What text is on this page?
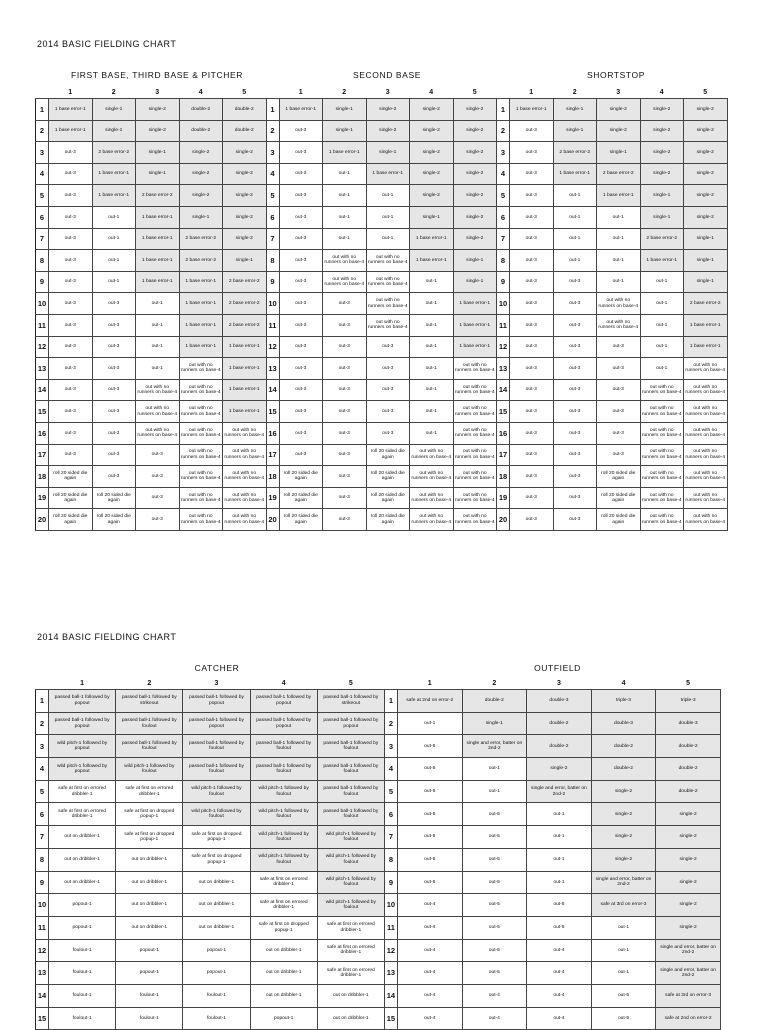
2014 BASIC FIELDING CHART
FIRST BASE, THIRD BASE & PITCHER	SECOND BASE	SHORTSTOP
	1	2	3	4	5		1	2	3	4	5		1	2	3	4	5
1	1 base error-1	single-1	single-2	double-2	double-2	1	1 base error-1	single-1	single-2	single-2	single-2	1	1 base error-1	single-1	single-2	single-2	single-2
2	1 base error-1	single-1	single-2	double-2	double-2	2	out-3	single-1	single-2	single-2	single-2	2	out-3	single-1	single-2	single-2	single-2
3	out-3	2 base error-2	single-1	single-2	single-2	3	out-3	1 base error-1	single-1	single-2	single-2	3	out-3	2 base error-2	single-1	single-2	single-2
4	out-3	1 base error-1	single-1	single-2	single-2	4	out-3	out-1	1 base error-1	single-2	single-2	4	out-3	1 base error-1	2 base error-2	single-2	single-2
5	out-3	1 base error-1	2 base error-2	single-2	single-2	5	out-3	out-1	out-1	single-2	single-2	5	out-3	out-1	1 base error-1	single-1	single-2
6	out-3	out-1	1 base error-1	single-1	single-2	6	out-3	out-1	out-1	single-1	single-2	6	out-3	out-1	out-1	single-1	single-2
7	out-3	out-1	1 base error-1	2 base error-2	single-2	7	out-3	out-1	out-1	1 base error-1	single-2	7	out-3	out-1	out-1	2 base error-2	single-1
8	out-3	out-1	1 base error-1	2 base error-2	single-1	8	out-3	out with no runners on base-4	out with no runners on base-4	1 base error-1	single-1	8	out-3	out-1	out-1	1 base error-1	single-1
9	out-3	out-1	1 base error-1	1 base error-1	2 base error-2	9	out-3	out with no runners on base-4	out with no runners on base-4	out-1	single-1	9	out-3	out-3	out-1	out-1	single-1
10	out-3	out-3	out-1	1 base error-1	2 base error-2	10	out-3	out-3	out with no runners on base-4	out-1	1 base error-1	10	out-3	out-3	out with no runners on base-4	out-1	2 base error-2
11	out-3	out-3	out-1	1 base error-1	2 base error-2	11	out-3	out-3	out with no runners on base-4	out-1	1 base error-1	11	out-3	out-3	out with no runners on base-4	out-1	1 base error-1
12	out-3	out-3	out-1	1 base error-1	1 base error-1	12	out-3	out-3	out-3	out-1	1 base error-1	12	out-3	out-3	out-3	out-1	1 base error-1
13	out-3	out-3	out-1	out with no runners on base-4	1 base error-1	13	out-3	out-3	out-3	out-1	out with no runners on base-4	13	out-3	out-3	out-3	out-1	out with no runners on base-4
14	out-3	out-3	out with no runners on base-4	out with no runners on base-4	1 base error-1	14	out-3	out-3	out-3	out-1	out with no runners on base-4	14	out-3	out-3	out-3	out with no runners on base-4	out with no runners on base-4
15	out-3	out-3	out with no runners on base-4	out with no runners on base-4	1 base error-1	15	out-3	out-3	out-3	out-1	out with no runners on base-4	15	out-3	out-3	out-3	out with no runners on base-4	out with no runners on base-4
16	out-3	out-3	out with no runners on base-4	out with no runners on base-4	out with no runners on base-4	16	out-3	out-3	out-3	out-1	out with no runners on base-4	16	out-3	out-3	out-3	out with no runners on base-4	out with no runners on base-4
17	out-3	out-3	out-3	out with no runners on base-4	out with no runners on base-4	17	out-3	out-3	roll 20 sided die again	out with no runners on base-4	out with no runners on base-4	17	out-3	out-3	out-3	out with no runners on base-4	out with no runners on base-4
18	roll 20 sided die again	out-3	out-3	out with no runners on base-4	out with no runners on base-4	18	roll 20 sided die again	out-3	roll 20 sided die again	out with no runners on base-4	out with no runners on base-4	18	out-3	out-3	roll 20 sided die again	out with no runners on base-4	out with no runners on base-4
19	roll 20 sided die again	roll 20 sided die again	out-3	out with no runners on base-4	out with no runners on base-4	19	roll 20 sided die again	out-3	roll 20 sided die again	out with no runners on base-4	out with no runners on base-4	19	out-3	out-3	roll 20 sided die again	out with no runners on base-4	out with no runners on base-4
20	roll 20 sided die again	roll 20 sided die again	out-3	out with no runners on base-4	out with no runners on base-4	20	roll 20 sided die again	out-3	roll 20 sided die again	out with no runners on base-4	out with no runners on base-4	20	out-3	out-3	roll 20 sided die again	out with no runners on base-4	out with no runners on base-4
2014 BASIC FIELDING CHART
CATCHER	OUTFIELD
	1	2	3	4	5		1	2	3	4	5
1	passed ball-1 followed by popout	passed ball-1 followed by strikeout	passed ball-1 followed by popout	passed ball-1 followed by popout	passed ball-1 followed by strikeout	1	safe at 2nd on error-2	double-2	double-3	triple-3	triple-3
2	passed ball-1 followed by popout	passed ball-1 followed by foulout	passed ball-1 followed by popout	passed ball-1 followed by popout	passed ball-1 followed by popout	2	out-1	single-1	double-2	double-3	double-3
3	wild pitch-1 followed by popout	passed ball-1 followed by foulout	passed ball-1 followed by foulout	passed ball-1 followed by foulout	passed ball-1 followed by foulout	3	out-5	single and error, batter on 2nd-2	double-2	double-2	double-2
4	wild pitch-1 followed by popout	wild pitch-1 followed by foulout	passed ball-1 followed by foulout	passed ball-1 followed by foulout	passed ball-1 followed by foulout	4	out-5	out-1	single-2	double-2	double-2
5	safe at first on errored dribbler-1	safe at first on errored dribbler-1	wild pitch-1 followed by foulout	wild pitch-1 followed by foulout	passed ball-1 followed by foulout	5	out-5	out-1	single and error, batter on 2nd-2	single-2	double-2
6	safe at first on errored dribbler-1	safe at first on dropped popup-1	wild pitch-1 followed by foulout	wild pitch-1 followed by foulout	passed ball-1 followed by foulout	6	out-5	out-5	out-1	single-2	single-2
7	out on dribbler-1	safe at first on dropped popup-1	safe at first on dropped popup-1	wild pitch-1 followed by foulout	wild pitch-1 followed by foulout	7	out-5	out-5	out-1	single-2	single-2
8	out on dribbler-1	out on dribbler-1	safe at first on dropped popup-1	wild pitch-1 followed by foulout	wild pitch-1 followed by foulout	8	out-5	out-5	out-1	single-2	single-2
9	out on dribbler-1	out on dribbler-1	out on dribbler-1	safe at first on errored dribbler-1	wild pitch-1 followed by foulout	9	out-5	out-5	out-1	single and error, batter on 2nd-2	single-2
10	popout-1	out on dribbler-1	out on dribbler-1	safe at first on errored dribbler-1	wild pitch-1 followed by foulout	10	out-4	out-5	out-5	safe at 3rd on error-3	single-2
11	popout-1	out on dribbler-1	out on dribbler-1	safe at first on dropped popup-1	safe at first on errored dribbler-1	11	out-4	out-5	out-5	out-1	single-2
12	foulout-1	popout-1	popout-1	out on dribbler-1	safe at first on errored dribbler-1	12	out-4	out-5	out-4	out-1	single and error, batter on 2nd-2
13	foulout-1	popout-1	popout-1	out on dribbler-1	safe at first on errored dribbler-1	13	out-4	out-5	out-4	out-1	single and error, batter on 2nd-2
14	foulout-1	foulout-1	foulout-1	out on dribbler-1	out on dribbler-1	14	out-4	out-4	out-4	out-5	safe at 3rd on error-3
15	foulout-1	foulout-1	foulout-1	popout-1	out on dribbler-1	15	out-4	out-4	out-4	out-5	safe at 2nd on error-2
